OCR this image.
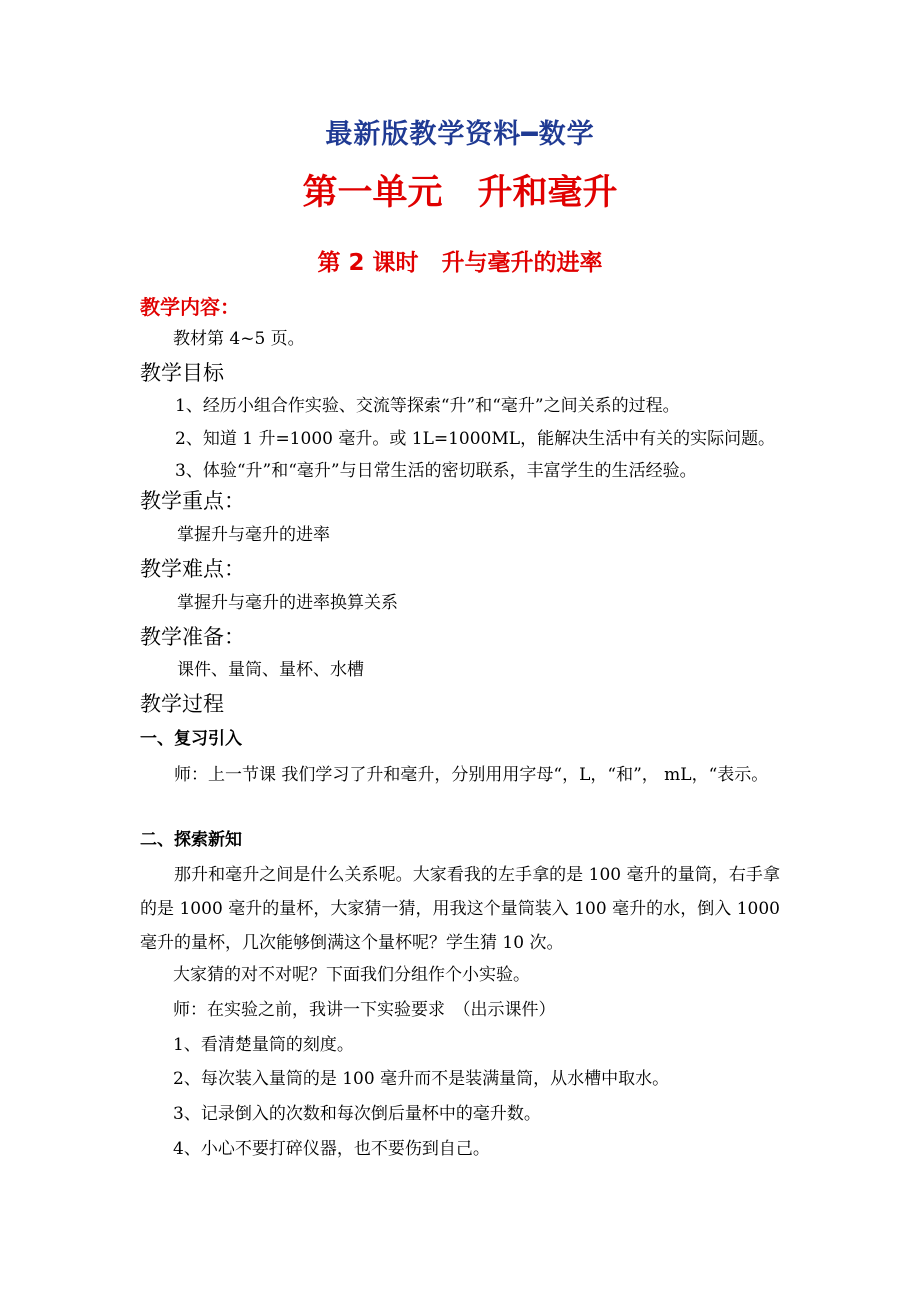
最新版教学资料━数学
第一单元　升和毫升
第 2 课时　升与毫升的进率
教学内容：
教材第 4~5 页。
教学目标
1、经历小组合作实验、交流等探索“升”和“毫升”之间关系的过程。
2、知道 1 升=1000 毫升。或 1L=1000ML，能解决生活中有关的实际问题。
3、体验“升”和“毫升”与日常生活的密切联系，丰富学生的生活经验。
教学重点：
掌握升与毫升的进率
教学难点：
掌握升与毫升的进率换算关系
教学准备：
课件、量筒、量杯、水槽
教学过程
一、复习引入
师：上一节课 我们学习了升和毫升，分别用用字母“，L，“和”， mL，“表示。
二、探索新知
那升和毫升之间是什么关系呢。大家看我的左手拿的是 100 毫升的量筒，右手拿的是 1000 毫升的量杯，大家猜一猜，用我这个量筒装入 100 毫升的水，倒入 1000 毫升的量杯，几次能够倒满这个量杯呢？学生猜 10 次。
大家猜的对不对呢？下面我们分组作个小实验。
师：在实验之前，我讲一下实验要求　（出示课件）
1、看清楚量筒的刻度。
2、每次装入量筒的是 100 毫升而不是装满量筒，从水槽中取水。
3、记录倒入的次数和每次倒后量杯中的毫升数。
4、小心不要打碎仪器，也不要伤到自己。
